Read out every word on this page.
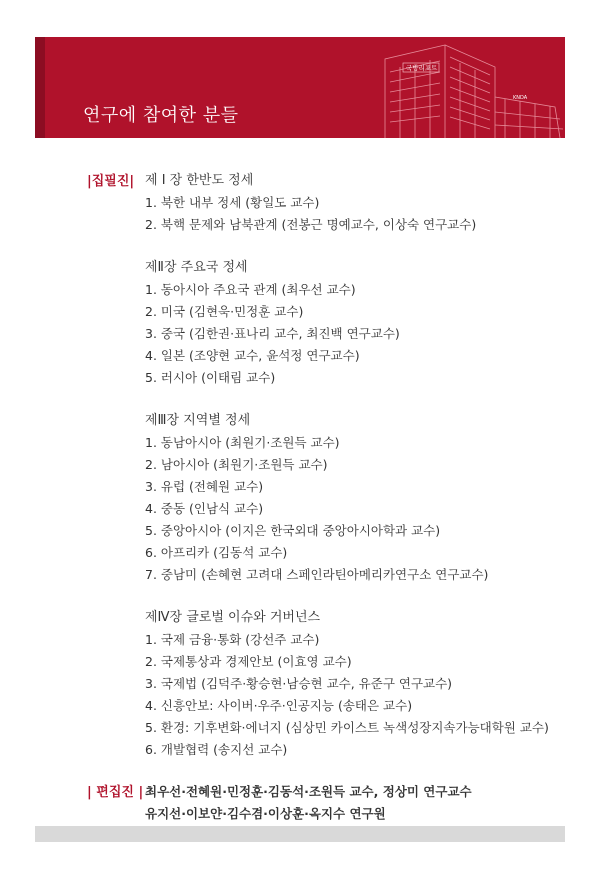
연구에 참여한 분들
국방리포트
KNDA
|집필진| 제 I 장 한반도 정세
1. 북한 내부 정세 (황일도 교수)
2. 북핵 문제와 남북관계 (전봉근 명예교수, 이상숙 연구교수)
제Ⅱ장 주요국 정세
1. 동아시아 주요국 관계 (최우선 교수)
2. 미국 (김현욱·민정훈 교수)
3. 중국 (김한권·표나리 교수, 최진백 연구교수)
4. 일본 (조양현 교수, 윤석정 연구교수)
5. 러시아 (이태림 교수)
제Ⅲ장 지역별 정세
1. 동남아시아 (최원기·조원득 교수)
2. 남아시아 (최원기·조원득 교수)
3. 유럽 (전혜원 교수)
4. 중동 (인남식 교수)
5. 중앙아시아 (이지은 한국외대 중앙아시아학과 교수)
6. 아프리카 (김동석 교수)
7. 중남미 (손혜현 고려대 스페인라틴아메리카연구소 연구교수)
제Ⅳ장 글로벌 이슈와 거버넌스
1. 국제 금융·통화 (강선주 교수)
2. 국제통상과 경제안보 (이효영 교수)
3. 국제법 (김덕주·황승현·남승현 교수, 유준구 연구교수)
4. 신흥안보: 사이버·우주·인공지능 (송태은 교수)
5. 환경: 기후변화·에너지 (심상민 카이스트 녹색성장지속가능대학원 교수)
6. 개발협력 (송지선 교수)
| 편집진 | 최우선·전혜원·민정훈·김동석·조원득 교수, 정상미 연구교수
유지선·이보얀·김수겸·이상훈·옥지수 연구원
